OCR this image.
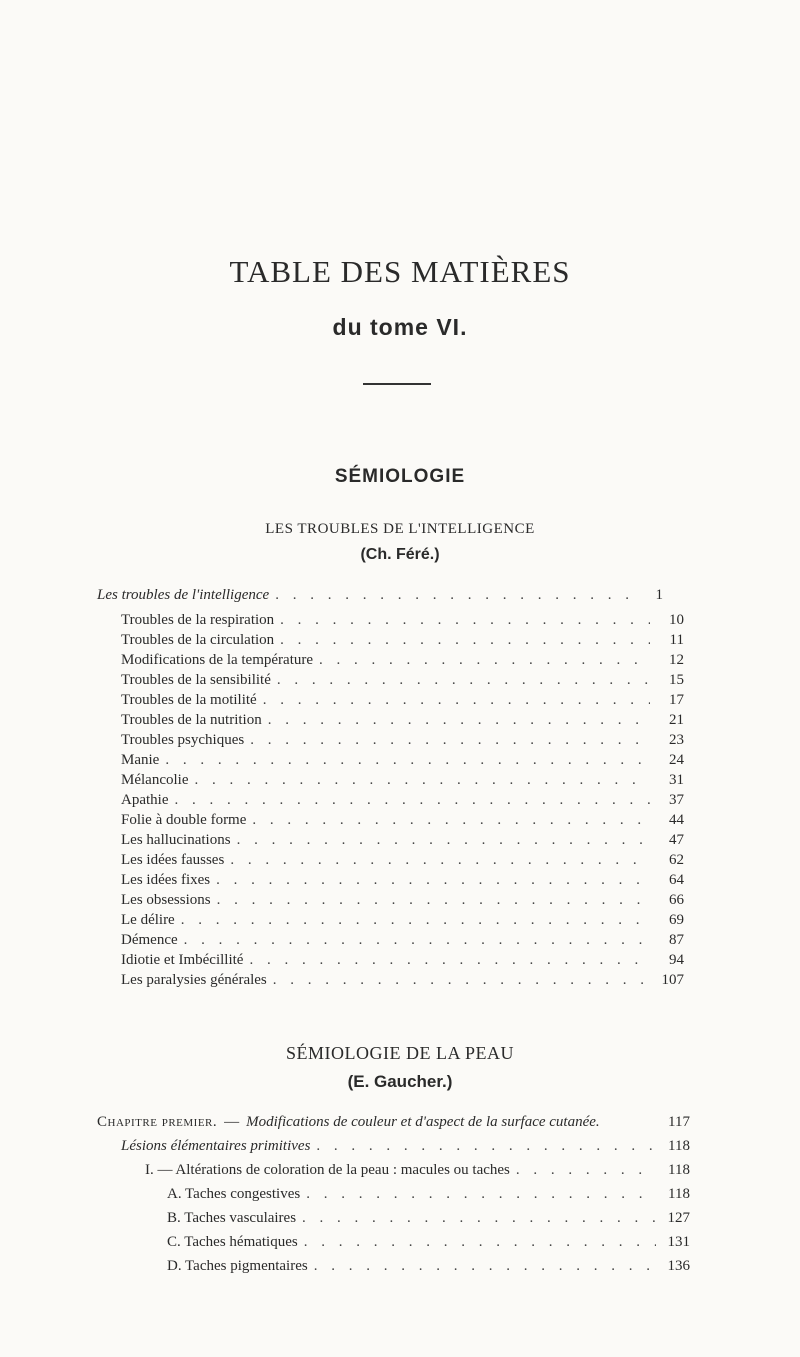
TABLE DES MATIÈRES
du tome VI.
SÉMIOLOGIE
LES TROUBLES DE L'INTELLIGENCE
(Ch. Féré.)
Les troubles de l'intelligence . . .	1
Troubles de la respiration . . .	10
Troubles de la circulation . . .	11
Modifications de la température . . .	12
Troubles de la sensibilité . . .	15
Troubles de la motilité . . .	17
Troubles de la nutrition . . .	21
Troubles psychiques . . .	23
Manie . . .	24
Mélancolie . . .	31
Apathie . . .	37
Folie à double forme . . .	44
Les hallucinations . . .	47
Les idées fausses . . .	62
Les idées fixes . . .	64
Les obsessions . . .	66
Le délire . . .	69
Démence . . .	87
Idiotie et Imbécillité . . .	94
Les paralysies générales . . .	107
SÉMIOLOGIE DE LA PEAU
(E. Gaucher.)
Chapitre premier. — Modifications de couleur et d'aspect de la surface cutanée.	117
Lésions élémentaires primitives . . .	118
I. — Altérations de coloration de la peau : macules ou taches . . .	118
A. Taches congestives . . .	118
B. Taches vasculaires . . .	127
C. Taches hématiques . . .	131
D. Taches pigmentaires . . .	136
